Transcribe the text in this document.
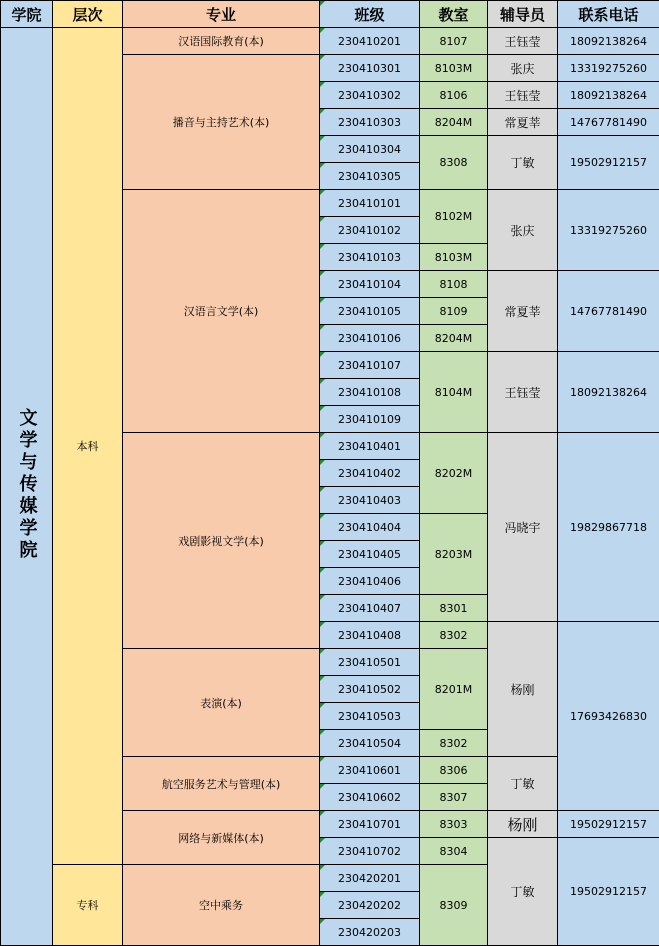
学院	层次	专业	班级	教室	辅导员	联系电话
文学与传媒学院	本科	汉语国际教育(本)	230410201	8107	王钰莹	18092138264
		播音与主持艺术(本)	230410301	8103M	张庆	13319275260
			230410302	8106	王钰莹	18092138264
			230410303	8204M	常夏莘	14767781490
			230410304	8308	丁敏	19502912157
			230410305			
		汉语言文学(本)	230410101	8102M	张庆	13319275260
			230410102			
			230410103	8103M		
			230410104	8108	常夏莘	14767781490
			230410105	8109		
			230410106	8204M		
			230410107	8104M	王钰莹	18092138264
			230410108			
			230410109			
		戏剧影视文学(本)	230410401	8202M	冯晓宇	19829867718
			230410402			
			230410403			
			230410404	8203M		
			230410405			
			230410406			
			230410407	8301		
			230410408	8302	杨刚	17693426830
		表演(本)	230410501	8201M		
			230410502			
			230410503			
			230410504	8302		
		航空服务艺术与管理(本)	230410601	8306	丁敏	
			230410602	8307		
		网络与新媒体(本)	230410701	8303	杨刚	19502912157
			230410702	8304	丁敏	19502912157
	专科	空中乘务	230420201	8309		
			230420202			
			230420203			
